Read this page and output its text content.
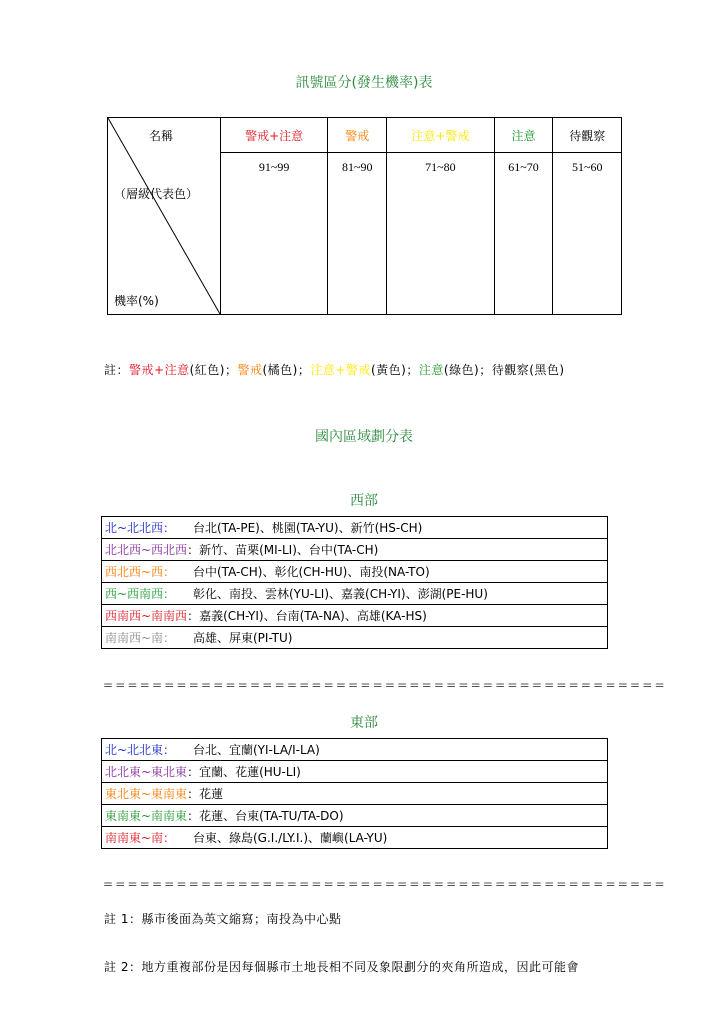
訊號區分(發生機率)表
名稱
（層級代表色）
機率(%)	警戒+注意	警戒	注意+警戒	注意	待觀察
	91~99	81~90	71~80	61~70	51~60
註：警戒+注意(紅色)；警戒(橘色)；注意+警戒(黃色)；注意(綠色)；待觀察(黑色)
國內區域劃分表
西部
北~北北西： 台北(TA-PE)、桃園(TA-YU)、新竹(HS-CH)
北北西~西北西：新竹、苗栗(MI-LI)、台中(TA-CH)
西北西~西： 台中(TA-CH)、彰化(CH-HU)、南投(NA-TO)
西~西南西： 彰化、南投、雲林(YU-LI)、嘉義(CH-YI)、澎湖(PE-HU)
西南西~南南西：嘉義(CH-YI)、台南(TA-NA)、高雄(KA-HS)
南南西~南： 高雄、屏東(PI-TU)
==============================================
東部
北~北北東： 台北、宜蘭(YI-LA/I-LA)
北北東~東北東：宜蘭、花蓮(HU-LI)
東北東~東南東：花蓮
東南東~南南東：花蓮、台東(TA-TU/TA-DO)
南南東~南： 台東、綠島(G.I./LY.I.)、蘭嶼(LA-YU)
==============================================
註 1：縣市後面為英文縮寫；南投為中心點
註 2：地方重複部份是因每個縣市土地長相不同及象限劃分的夾角所造成，因此可能會
